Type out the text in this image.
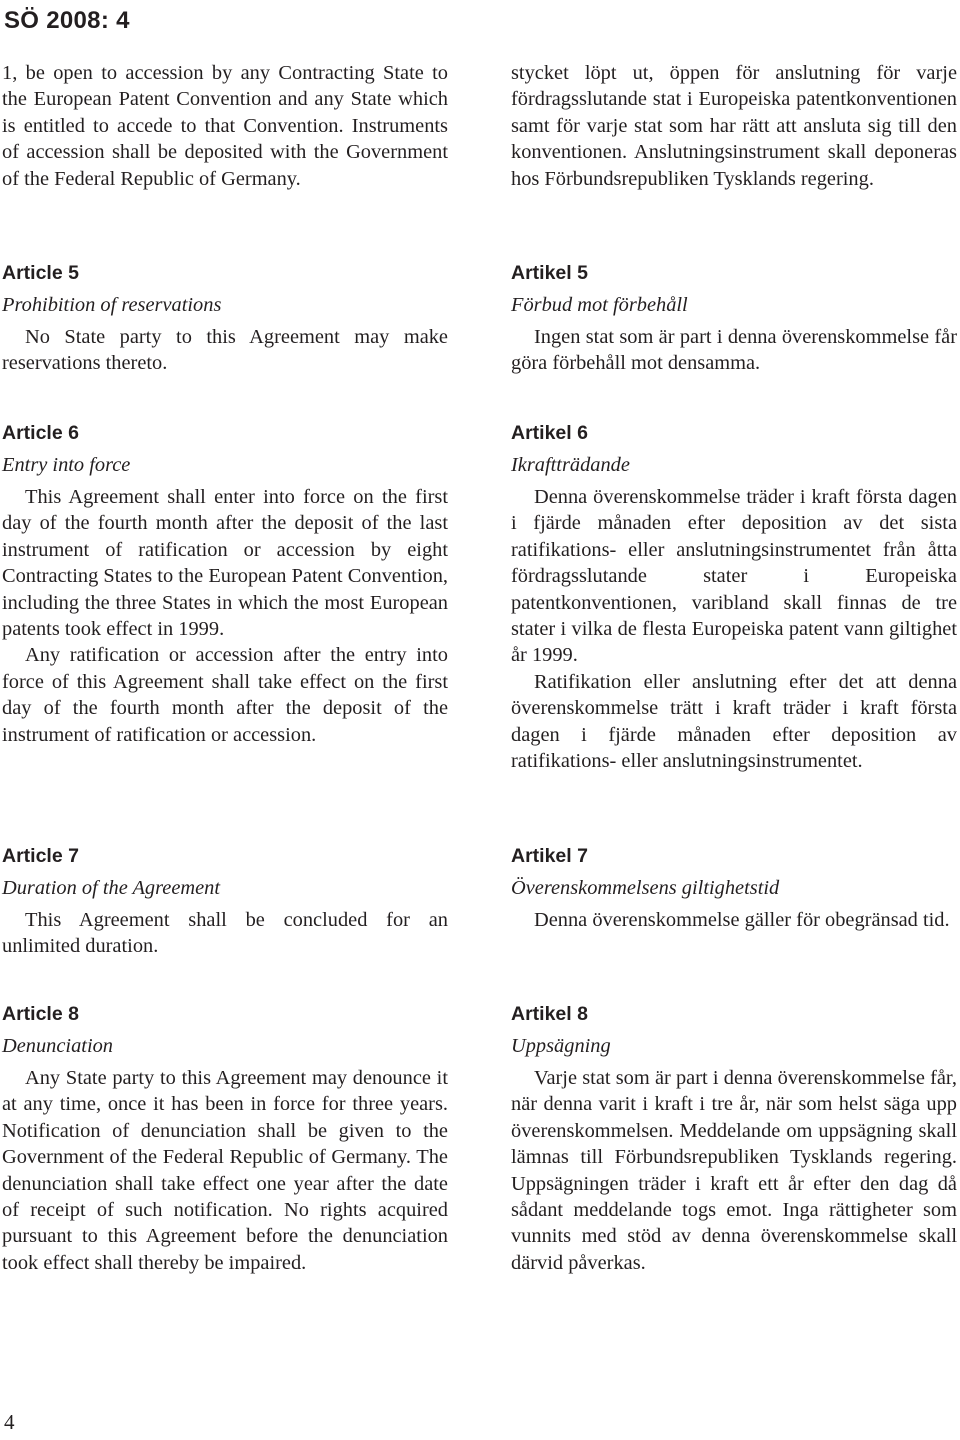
SÖ 2008: 4

1, be open to accession by any Contracting State to the European Patent Convention and any State which is entitled to accede to that Convention. Instruments of accession shall be deposited with the Government of the Federal Republic of Germany.

Article 5
Prohibition of reservations

No State party to this Agreement may make reservations thereto.

Article 6
Entry into force

This Agreement shall enter into force on the first day of the fourth month after the deposit of the last instrument of ratification or accession by eight Contracting States to the European Patent Convention, including the three States in which the most European patents took effect in 1999.

Any ratification or accession after the entry into force of this Agreement shall take effect on the first day of the fourth month after the deposit of the instrument of ratification or accession.

Article 7
Duration of the Agreement

This Agreement shall be concluded for an unlimited duration.

Article 8
Denunciation

Any State party to this Agreement may denounce it at any time, once it has been in force for three years. Notification of denunciation shall be given to the Government of the Federal Republic of Germany. The denunciation shall take effect one year after the date of receipt of such notification. No rights acquired pursuant to this Agreement before the denunciation took effect shall thereby be impaired.

stycket löpt ut, öppen för anslutning för varje fördragsslutande stat i Europeiska patentkonventionen samt för varje stat som har rätt att ansluta sig till den konventionen. Anslutningsinstrument skall deponeras hos Förbundsrepubliken Tysklands regering.

Artikel 5
Förbud mot förbehåll

Ingen stat som är part i denna överenskommelse får göra förbehåll mot densamma.

Artikel 6
Ikraftträdande

Denna överenskommelse träder i kraft första dagen i fjärde månaden efter deposition av det sista ratifikations- eller anslutningsinstrumentet från åtta fördragsslutande stater i Europeiska patentkonventionen, varibland skall finnas de tre stater i vilka de flesta Europeiska patent vann giltighet år 1999.

Ratifikation eller anslutning efter det att denna överenskommelse trätt i kraft träder i kraft första dagen i fjärde månaden efter deposition av ratifikations- eller anslutningsinstrumentet.

Artikel 7
Överenskommelsens giltighetstid

Denna överenskommelse gäller för obegränsad tid.

Artikel 8
Uppsägning

Varje stat som är part i denna överenskommelse får, när denna varit i kraft i tre år, när som helst säga upp överenskommelsen. Meddelande om uppsägning skall lämnas till Förbundsrepubliken Tysklands regering. Uppsägningen träder i kraft ett år efter den dag då sådant meddelande togs emot. Inga rättigheter som vunnits med stöd av denna överenskommelse skall därvid påverkas.

4
